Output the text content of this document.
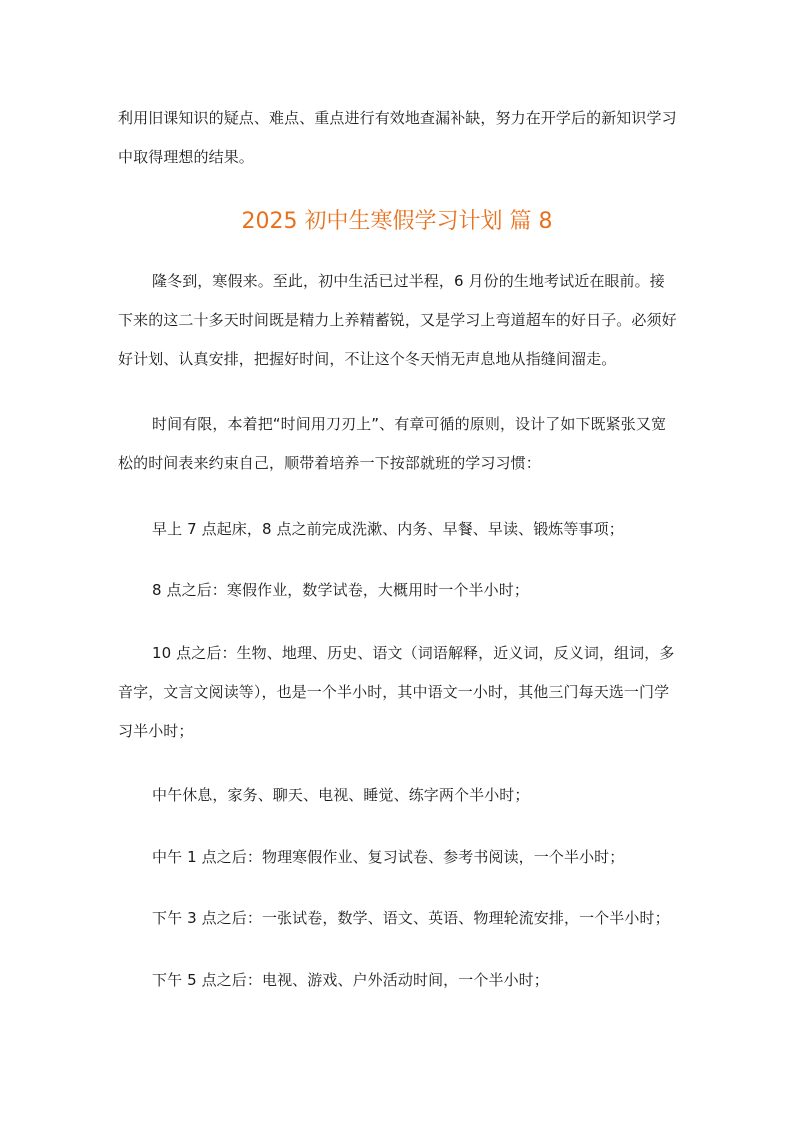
利用旧课知识的疑点、难点、重点进行有效地查漏补缺，努力在开学后的新知识学习中取得理想的结果。

2025 初中生寒假学习计划 篇 8

隆冬到，寒假来。至此，初中生活已过半程，6 月份的生地考试近在眼前。接下来的这二十多天时间既是精力上养精蓄锐，又是学习上弯道超车的好日子。必须好好计划、认真安排，把握好时间，不让这个冬天悄无声息地从指缝间溜走。

时间有限，本着把“时间用刀刃上”、有章可循的原则，设计了如下既紧张又宽松的时间表来约束自己，顺带着培养一下按部就班的学习习惯：

早上 7 点起床，8 点之前完成洗漱、内务、早餐、早读、锻炼等事项；

8 点之后：寒假作业，数学试卷，大概用时一个半小时；

10 点之后：生物、地理、历史、语文（词语解释，近义词，反义词，组词，多音字，文言文阅读等），也是一个半小时，其中语文一小时，其他三门每天选一门学习半小时；

中午休息，家务、聊天、电视、睡觉、练字两个半小时；

中午 1 点之后：物理寒假作业、复习试卷、参考书阅读，一个半小时；

下午 3 点之后：一张试卷，数学、语文、英语、物理轮流安排，一个半小时；

下午 5 点之后：电视、游戏、户外活动时间，一个半小时；
